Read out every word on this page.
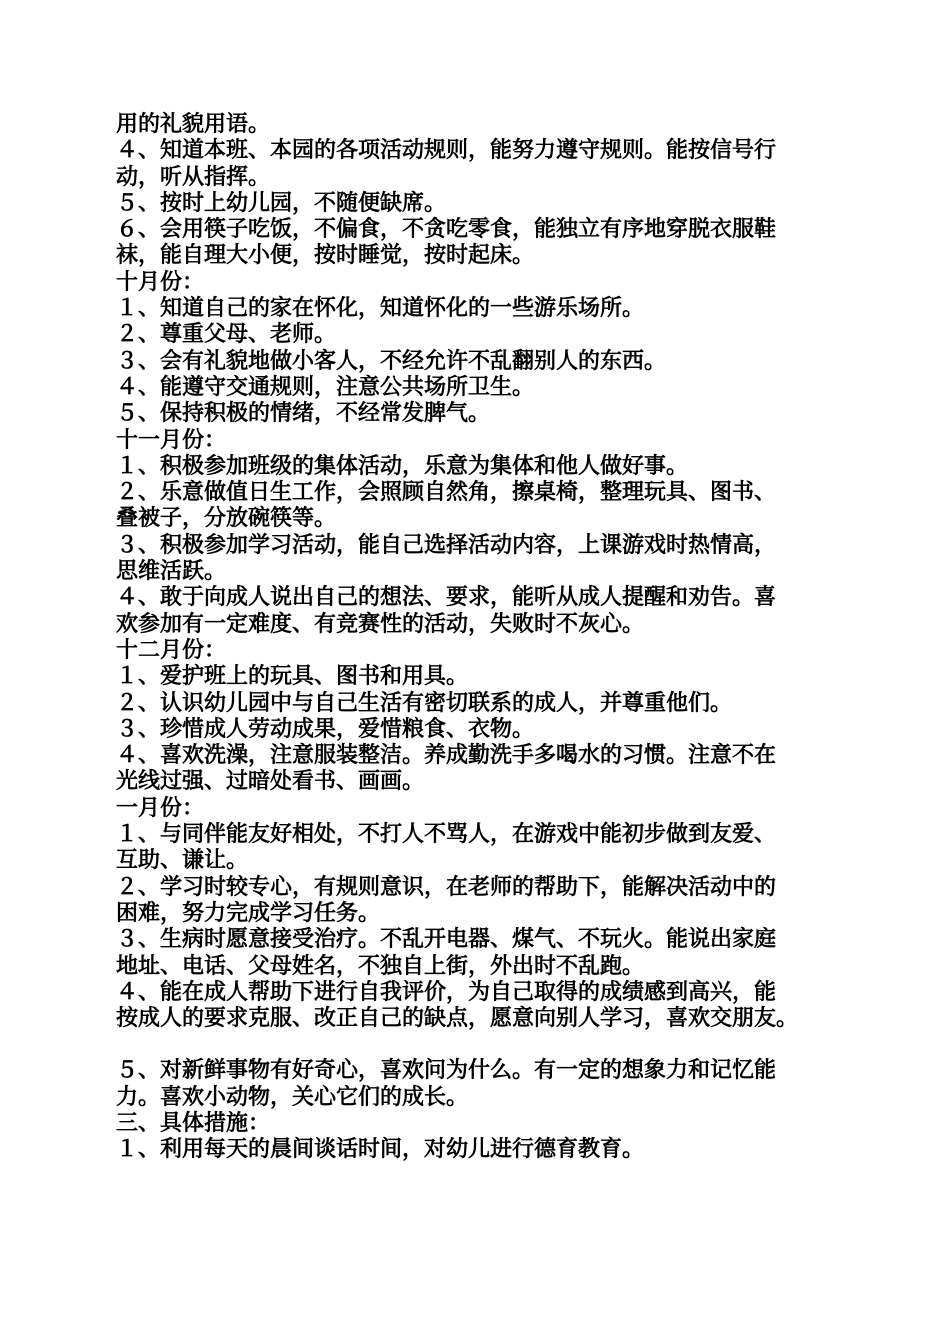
用的礼貌用语。
４、知道本班、本园的各项活动规则，能努力遵守规则。能按信号行
动，听从指挥。
５、按时上幼儿园，不随便缺席。
６、会用筷子吃饭，不偏食，不贪吃零食，能独立有序地穿脱衣服鞋
袜，能自理大小便，按时睡觉，按时起床。
十月份：
１、知道自己的家在怀化，知道怀化的一些游乐场所。
２、尊重父母、老师。
３、会有礼貌地做小客人，不经允许不乱翻别人的东西。
４、能遵守交通规则，注意公共场所卫生。
５、保持积极的情绪，不经常发脾气。
十一月份：
１、积极参加班级的集体活动，乐意为集体和他人做好事。
２、乐意做值日生工作，会照顾自然角，擦桌椅，整理玩具、图书、
叠被子，分放碗筷等。
３、积极参加学习活动，能自己选择活动内容，上课游戏时热情高，
思维活跃。
４、敢于向成人说出自己的想法、要求，能听从成人提醒和劝告。喜
欢参加有一定难度、有竞赛性的活动，失败时不灰心。
十二月份：
１、爱护班上的玩具、图书和用具。
２、认识幼儿园中与自己生活有密切联系的成人，并尊重他们。
３、珍惜成人劳动成果，爱惜粮食、衣物。
４、喜欢洗澡，注意服装整洁。养成勤洗手多喝水的习惯。注意不在
光线过强、过暗处看书、画画。
一月份：
１、与同伴能友好相处，不打人不骂人，在游戏中能初步做到友爱、
互助、谦让。
２、学习时较专心，有规则意识，在老师的帮助下，能解决活动中的
困难，努力完成学习任务。
３、生病时愿意接受治疗。不乱开电器、煤气、不玩火。能说出家庭
地址、电话、父母姓名，不独自上街，外出时不乱跑。
４、能在成人帮助下进行自我评价，为自己取得的成绩感到高兴，能
按成人的要求克服、改正自己的缺点，愿意向别人学习，喜欢交朋友。
５、对新鲜事物有好奇心，喜欢问为什么。有一定的想象力和记忆能
力。喜欢小动物，关心它们的成长。
三、具体措施：
１、利用每天的晨间谈话时间，对幼儿进行德育教育。
